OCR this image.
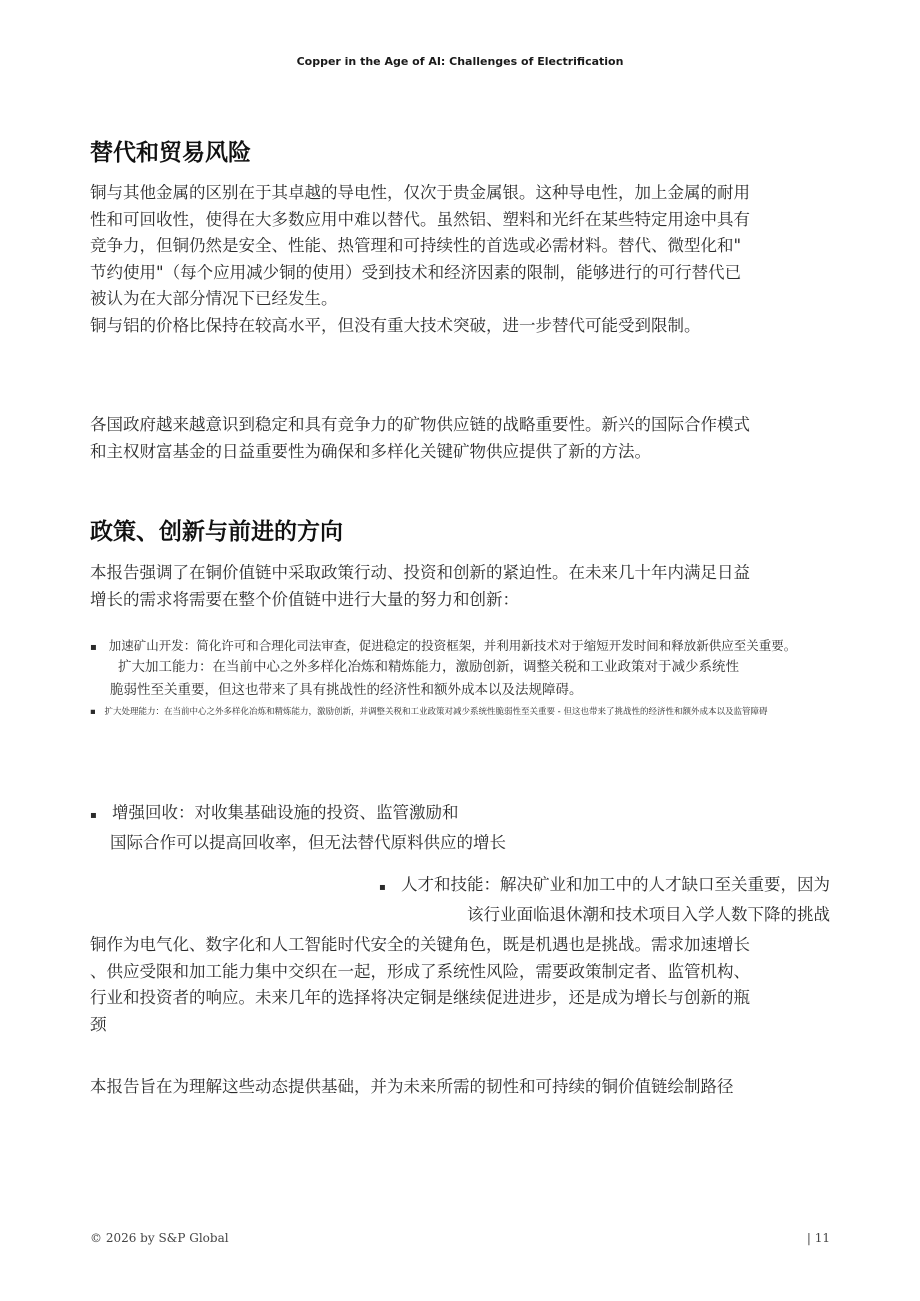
Copper in the Age of AI: Challenges of Electrification
替代和贸易风险
铜与其他金属的区别在于其卓越的导电性，仅次于贵金属银。这种导电性，加上金属的耐用
性和可回收性，使得在大多数应用中难以替代。虽然铝、塑料和光纤在某些特定用途中具有
竞争力，但铜仍然是安全、性能、热管理和可持续性的首选或必需材料。替代、微型化和"
节约使用"（每个应用减少铜的使用）受到技术和经济因素的限制，能够进行的可行替代已
被认为在大部分情况下已经发生。
铜与铝的价格比保持在较高水平，但没有重大技术突破，进一步替代可能受到限制。
各国政府越来越意识到稳定和具有竞争力的矿物供应链的战略重要性。新兴的国际合作模式
和主权财富基金的日益重要性为确保和多样化关键矿物供应提供了新的方法。
政策、创新与前进的方向
本报告强调了在铜价值链中采取政策行动、投资和创新的紧迫性。在未来几十年内满足日益
增长的需求将需要在整个价值链中进行大量的努力和创新：
▪ 加速矿山开发：简化许可和合理化司法审查，促进稳定的投资框架，并利用新技术对于缩短开发时间和释放新供应至关重要。
扩大加工能力：在当前中心之外多样化冶炼和精炼能力，激励创新，调整关税和工业政策对于减少系统性
脆弱性至关重要，但这也带来了具有挑战性的经济性和额外成本以及法规障碍。
▪ 扩大处理能力：在当前中心之外多样化冶炼和精炼能力，激励创新，并调整关税和工业政策对减少系统性脆弱性至关重要 - 但这也带来了挑战性的经济性和额外成本以及监管障碍
▪ 增强回收：对收集基础设施的投资、监管激励和
国际合作可以提高回收率，但无法替代原料供应的增长
▪ 人才和技能：解决矿业和加工中的人才缺口至关重要，因为
该行业面临退休潮和技术项目入学人数下降的挑战
铜作为电气化、数字化和人工智能时代安全的关键角色，既是机遇也是挑战。需求加速增长
、供应受限和加工能力集中交织在一起，形成了系统性风险，需要政策制定者、监管机构、
行业和投资者的响应。未来几年的选择将决定铜是继续促进进步，还是成为增长与创新的瓶
颈
本报告旨在为理解这些动态提供基础，并为未来所需的韧性和可持续的铜价值链绘制路径
© 2026 by S&P Global	| 11
